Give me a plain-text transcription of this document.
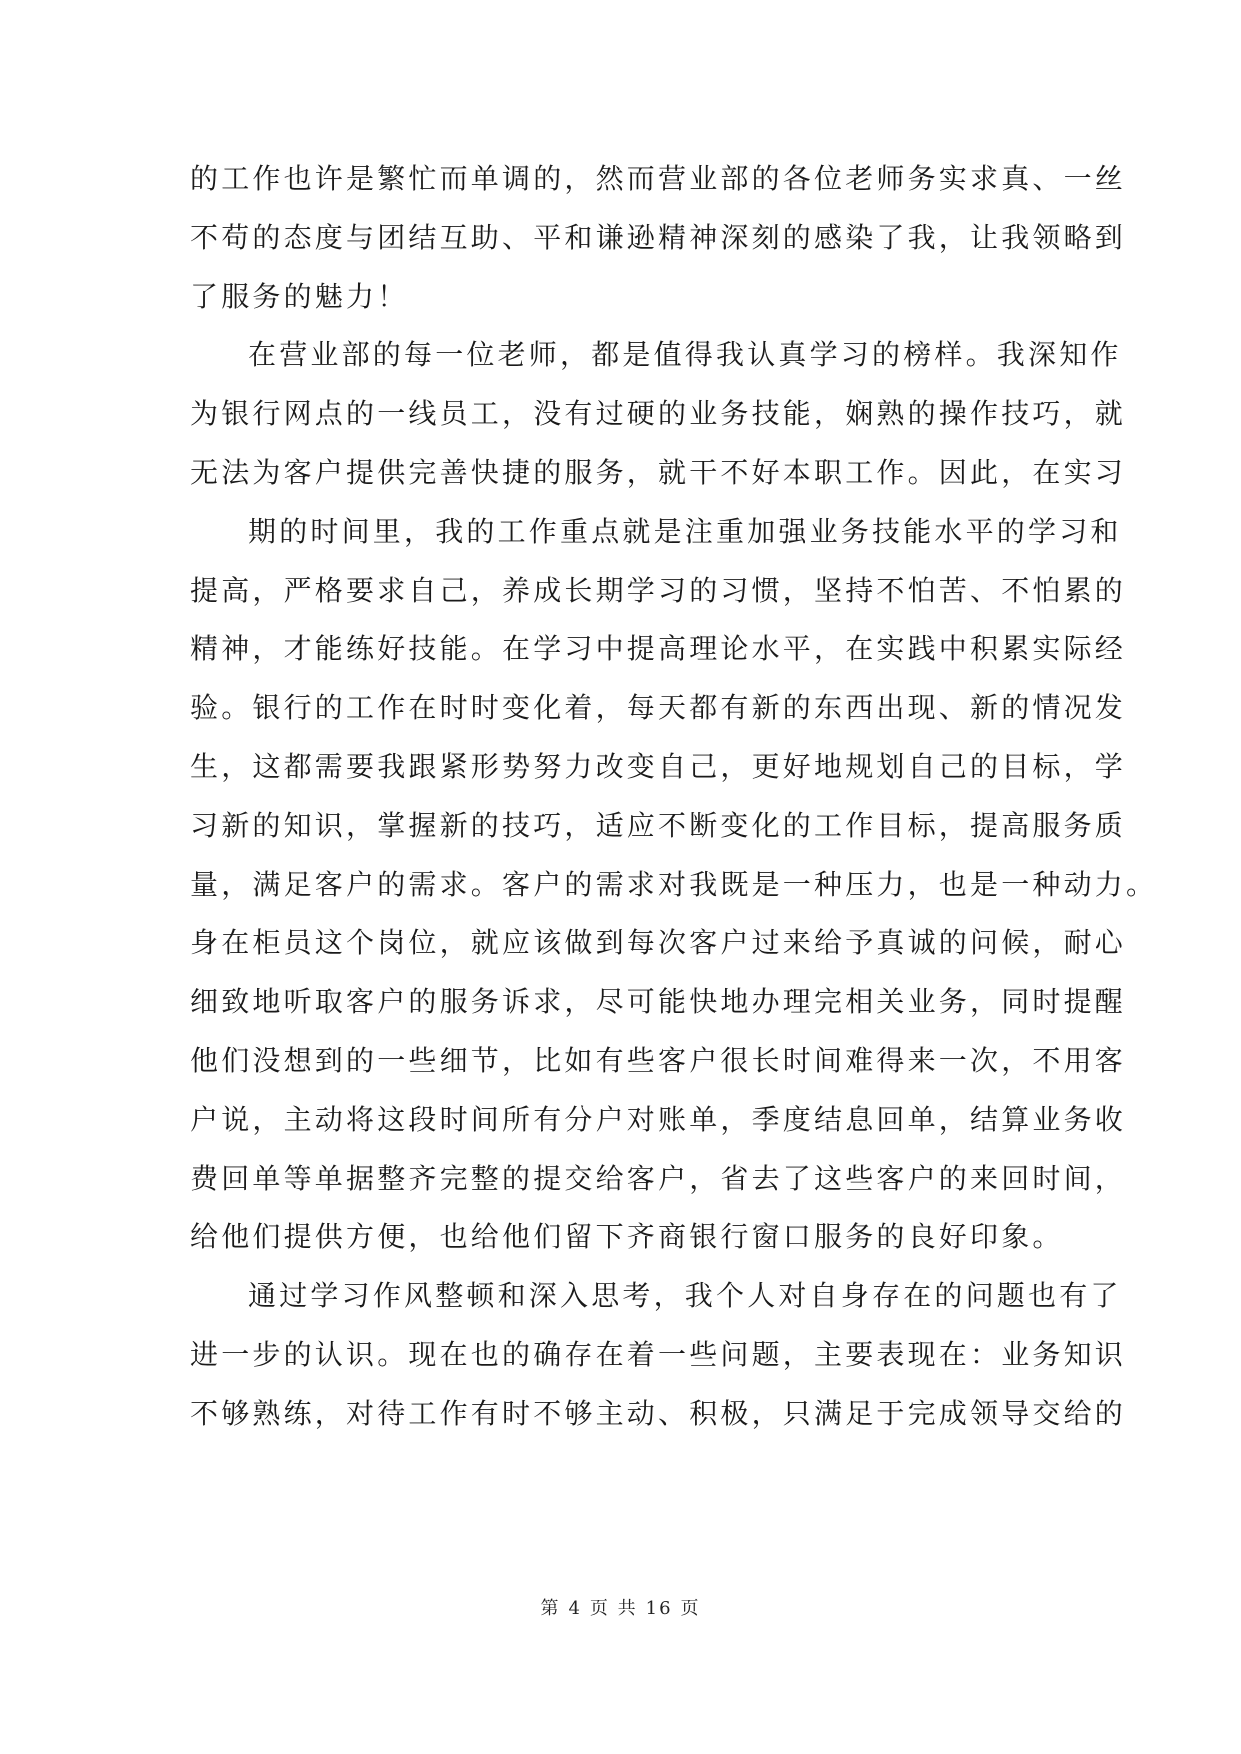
的工作也许是繁忙而单调的，然而营业部的各位老师务实求真、一丝
不苟的态度与团结互助、平和谦逊精神深刻的感染了我，让我领略到
了服务的魅力！
在营业部的每一位老师，都是值得我认真学习的榜样。我深知作
为银行网点的一线员工，没有过硬的业务技能，娴熟的操作技巧，就
无法为客户提供完善快捷的服务，就干不好本职工作。因此，在实习
期的时间里，我的工作重点就是注重加强业务技能水平的学习和
提高，严格要求自己，养成长期学习的习惯，坚持不怕苦、不怕累的
精神，才能练好技能。在学习中提高理论水平，在实践中积累实际经
验。银行的工作在时时变化着，每天都有新的东西出现、新的情况发
生，这都需要我跟紧形势努力改变自己，更好地规划自己的目标，学
习新的知识，掌握新的技巧，适应不断变化的工作目标，提高服务质
量，满足客户的需求。客户的需求对我既是一种压力，也是一种动力。
身在柜员这个岗位，就应该做到每次客户过来给予真诚的问候，耐心
细致地听取客户的服务诉求，尽可能快地办理完相关业务，同时提醒
他们没想到的一些细节，比如有些客户很长时间难得来一次，不用客
户说，主动将这段时间所有分户对账单，季度结息回单，结算业务收
费回单等单据整齐完整的提交给客户，省去了这些客户的来回时间，
给他们提供方便，也给他们留下齐商银行窗口服务的良好印象。
通过学习作风整顿和深入思考，我个人对自身存在的问题也有了
进一步的认识。现在也的确存在着一些问题，主要表现在：业务知识
不够熟练，对待工作有时不够主动、积极，只满足于完成领导交给的
第 4 页 共 16 页
